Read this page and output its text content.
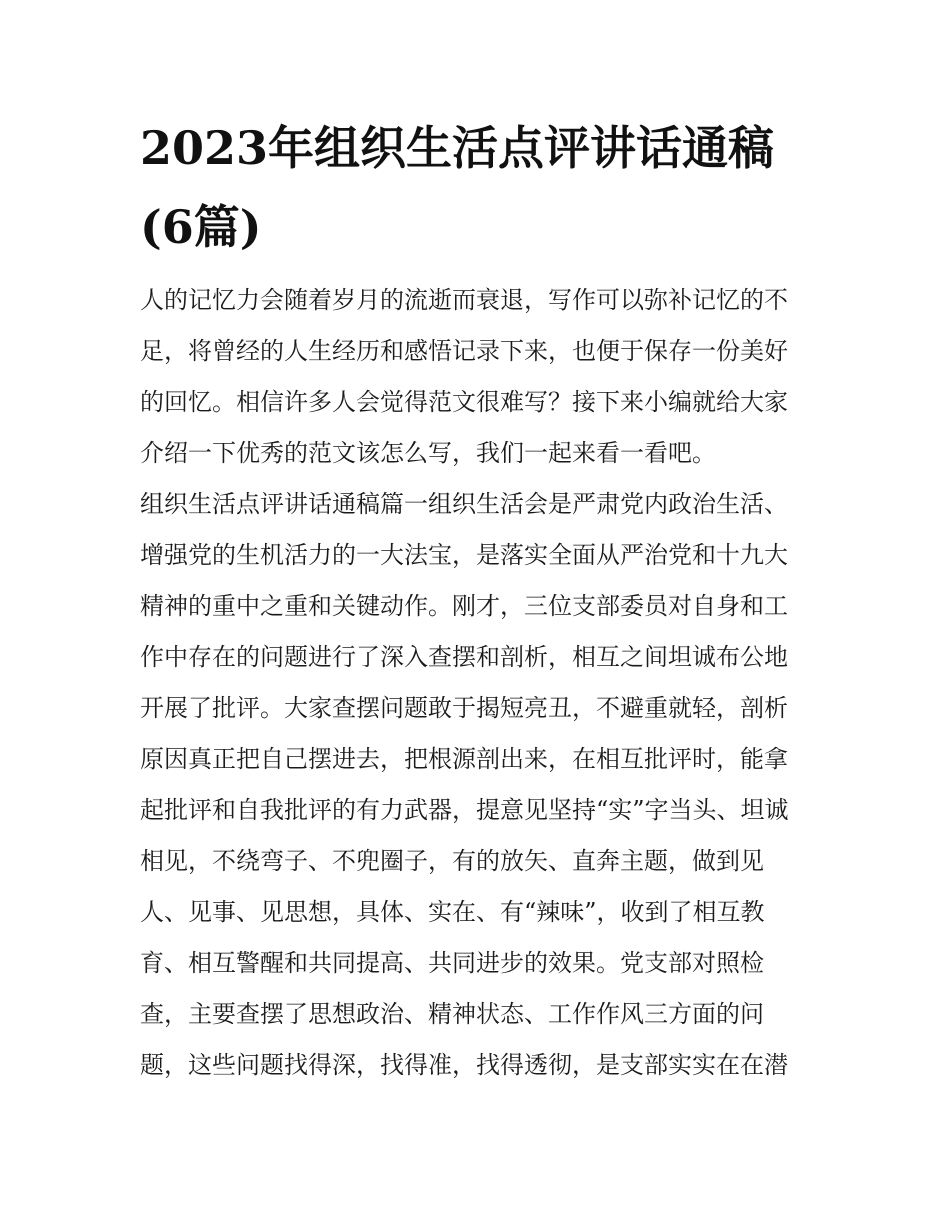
2023年组织生活点评讲话通稿
(6篇)

人的记忆力会随着岁月的流逝而衰退，写作可以弥补记忆的不

足，将曾经的人生经历和感悟记录下来，也便于保存一份美好

的回忆。相信许多人会觉得范文很难写？接下来小编就给大家

介绍一下优秀的范文该怎么写，我们一起来看一看吧。

组织生活点评讲话通稿篇一组织生活会是严肃党内政治生活、

增强党的生机活力的一大法宝，是落实全面从严治党和十九大

精神的重中之重和关键动作。刚才，三位支部委员对自身和工

作中存在的问题进行了深入查摆和剖析，相互之间坦诚布公地

开展了批评。大家查摆问题敢于揭短亮丑，不避重就轻，剖析

原因真正把自己摆进去，把根源剖出来，在相互批评时，能拿

起批评和自我批评的有力武器，提意见坚持“实”字当头、坦诚

相见，不绕弯子、不兜圈子，有的放矢、直奔主题，做到见

人、见事、见思想，具体、实在、有“辣味”，收到了相互教

育、相互警醒和共同提高、共同进步的效果。党支部对照检

查，主要查摆了思想政治、精神状态、工作作风三方面的问

题，这些问题找得深，找得准，找得透彻，是支部实实在在潜
